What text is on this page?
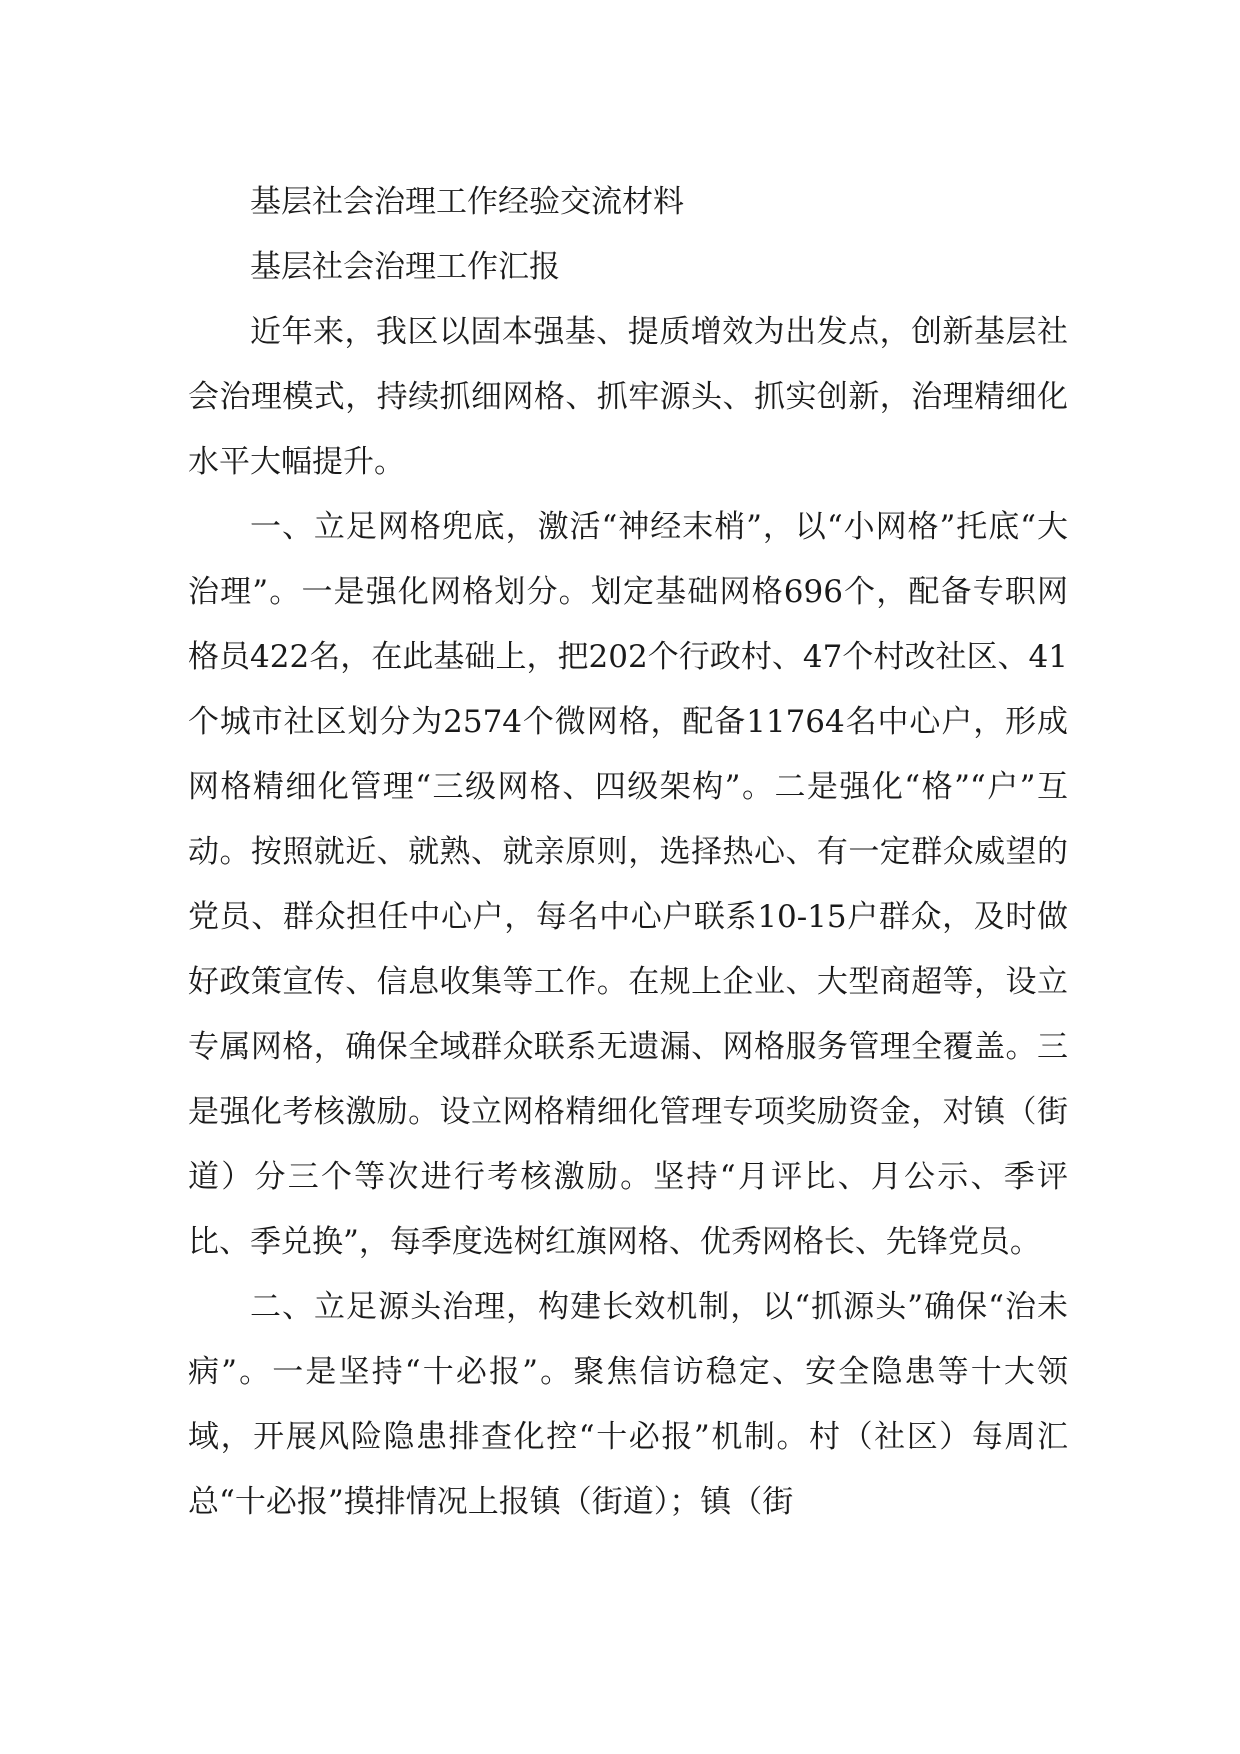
基层社会治理工作经验交流材料

基层社会治理工作汇报

近年来，我区以固本强基、提质增效为出发点，创新基层社会治理模式，持续抓细网格、抓牢源头、抓实创新，治理精细化水平大幅提升。

一、立足网格兜底，激活“神经末梢”，以“小网格”托底“大治理”。一是强化网格划分。划定基础网格696个，配备专职网格员422名，在此基础上，把202个行政村、47个村改社区、41个城市社区划分为2574个微网格，配备11764名中心户，形成网格精细化管理“三级网格、四级架构”。二是强化“格”“户”互动。按照就近、就熟、就亲原则，选择热心、有一定群众威望的党员、群众担任中心户，每名中心户联系10-15户群众，及时做好政策宣传、信息收集等工作。在规上企业、大型商超等，设立专属网格，确保全域群众联系无遗漏、网格服务管理全覆盖。三是强化考核激励。设立网格精细化管理专项奖励资金，对镇（街道）分三个等次进行考核激励。坚持“月评比、月公示、季评比、季兑换”，每季度选树红旗网格、优秀网格长、先锋党员。

二、立足源头治理，构建长效机制，以“抓源头”确保“治未病”。一是坚持“十必报”。聚焦信访稳定、安全隐患等十大领域，开展风险隐患排查化控“十必报”机制。村（社区）每周汇总“十必报”摸排情况上报镇（街道）；镇（街
